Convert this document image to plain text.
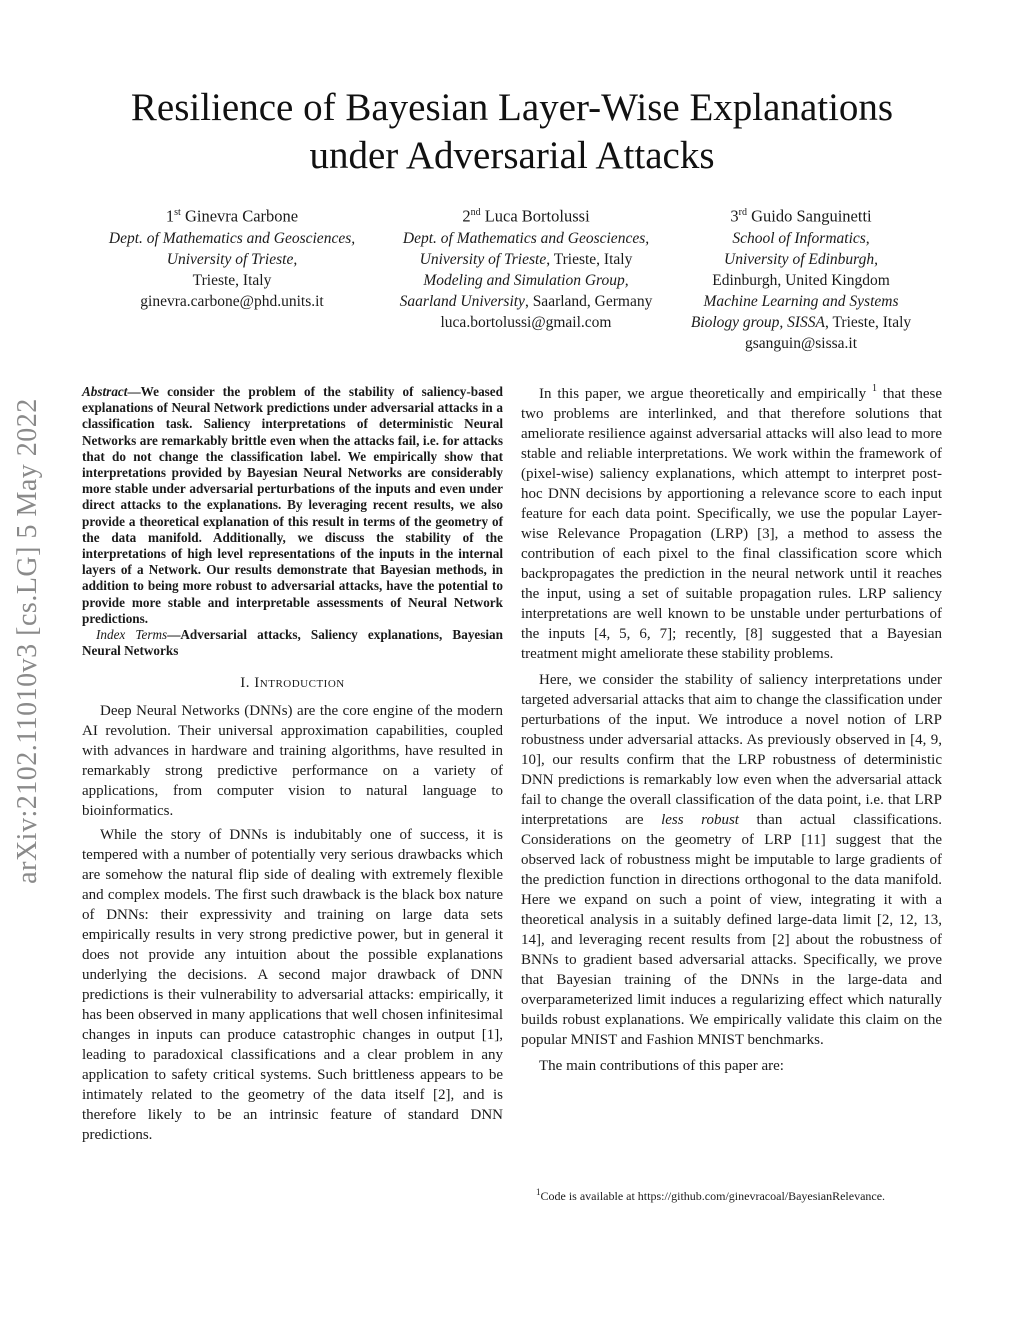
Resilience of Bayesian Layer-Wise Explanations
under Adversarial Attacks
1st Ginevra Carbone
Dept. of Mathematics and Geosciences,
University of Trieste,
Trieste, Italy
ginevra.carbone@phd.units.it
2nd Luca Bortolussi
Dept. of Mathematics and Geosciences,
University of Trieste, Trieste, Italy
Modeling and Simulation Group,
Saarland University, Saarland, Germany
luca.bortolussi@gmail.com
3rd Guido Sanguinetti
School of Informatics,
University of Edinburgh,
Edinburgh, United Kingdom
Machine Learning and Systems
Biology group, SISSA, Trieste, Italy
gsanguin@sissa.it
arXiv:2102.11010v3 [cs.LG] 5 May 2022
Abstract—We consider the problem of the stability of saliency-based explanations of Neural Network predictions under adversarial attacks in a classification task. Saliency interpretations of deterministic Neural Networks are remarkably brittle even when the attacks fail, i.e. for attacks that do not change the classification label. We empirically show that interpretations provided by Bayesian Neural Networks are considerably more stable under adversarial perturbations of the inputs and even under direct attacks to the explanations. By leveraging recent results, we also provide a theoretical explanation of this result in terms of the geometry of the data manifold. Additionally, we discuss the stability of the interpretations of high level representations of the inputs in the internal layers of a Network. Our results demonstrate that Bayesian methods, in addition to being more robust to adversarial attacks, have the potential to provide more stable and interpretable assessments of Neural Network predictions.
Index Terms—Adversarial attacks, Saliency explanations, Bayesian Neural Networks
I. Introduction

Deep Neural Networks (DNNs) are the core engine of the modern AI revolution. Their universal approximation capabilities, coupled with advances in hardware and training algorithms, have resulted in remarkably strong predictive performance on a variety of applications, from computer vision to natural language to bioinformatics.

While the story of DNNs is indubitably one of success, it is tempered with a number of potentially very serious drawbacks which are somehow the natural flip side of dealing with extremely flexible and complex models. The first such drawback is the black box nature of DNNs: their expressivity and training on large data sets empirically results in very strong predictive power, but in general it does not provide any intuition about the possible explanations underlying the decisions. A second major drawback of DNN predictions is their vulnerability to adversarial attacks: empirically, it has been observed in many applications that well chosen infinitesimal changes in inputs can produce catastrophic changes in output [1], leading to paradoxical classifications and a clear problem in any application to safety critical systems. Such brittleness appears to be intimately related to the geometry of the data itself [2], and is therefore likely to be an intrinsic feature of standard DNN predictions.

In this paper, we argue theoretically and empirically $^1$ that these two problems are interlinked, and that therefore solutions that ameliorate resilience against adversarial attacks will also lead to more stable and reliable interpretations. We work within the framework of (pixel-wise) saliency explanations, which attempt to interpret post-hoc DNN decisions by apportioning a relevance score to each input feature for each data point. Specifically, we use the popular Layer-wise Relevance Propagation (LRP) [3], a method to assess the contribution of each pixel to the final classification score which backpropagates the prediction in the neural network until it reaches the input, using a set of suitable propagation rules. LRP saliency interpretations are well known to be unstable under perturbations of the inputs [4, 5, 6, 7]; recently, [8] suggested that a Bayesian treatment might ameliorate these stability problems.

Here, we consider the stability of saliency interpretations under targeted adversarial attacks that aim to change the classification under perturbations of the input. We introduce a novel notion of LRP robustness under adversarial attacks. As previously observed in [4, 9, 10], our results confirm that the LRP robustness of deterministic DNN predictions is remarkably low even when the adversarial attack fail to change the overall classification of the data point, i.e. that LRP interpretations are less robust than actual classifications. Considerations on the geometry of LRP [11] suggest that the observed lack of robustness might be imputable to large gradients of the prediction function in directions orthogonal to the data manifold. Here we expand on such a point of view, integrating it with a theoretical analysis in a suitably defined large-data limit [2, 12, 13, 14], and leveraging recent results from [2] about the robustness of BNNs to gradient based adversarial attacks. Specifically, we prove that Bayesian training of the DNNs in the large-data and overparameterized limit induces a regularizing effect which naturally builds robust explanations. We empirically validate this claim on the popular MNIST and Fashion MNIST benchmarks.

The main contributions of this paper are:

$^1$Code is available at https://github.com/ginevracoal/BayesianRelevance.
